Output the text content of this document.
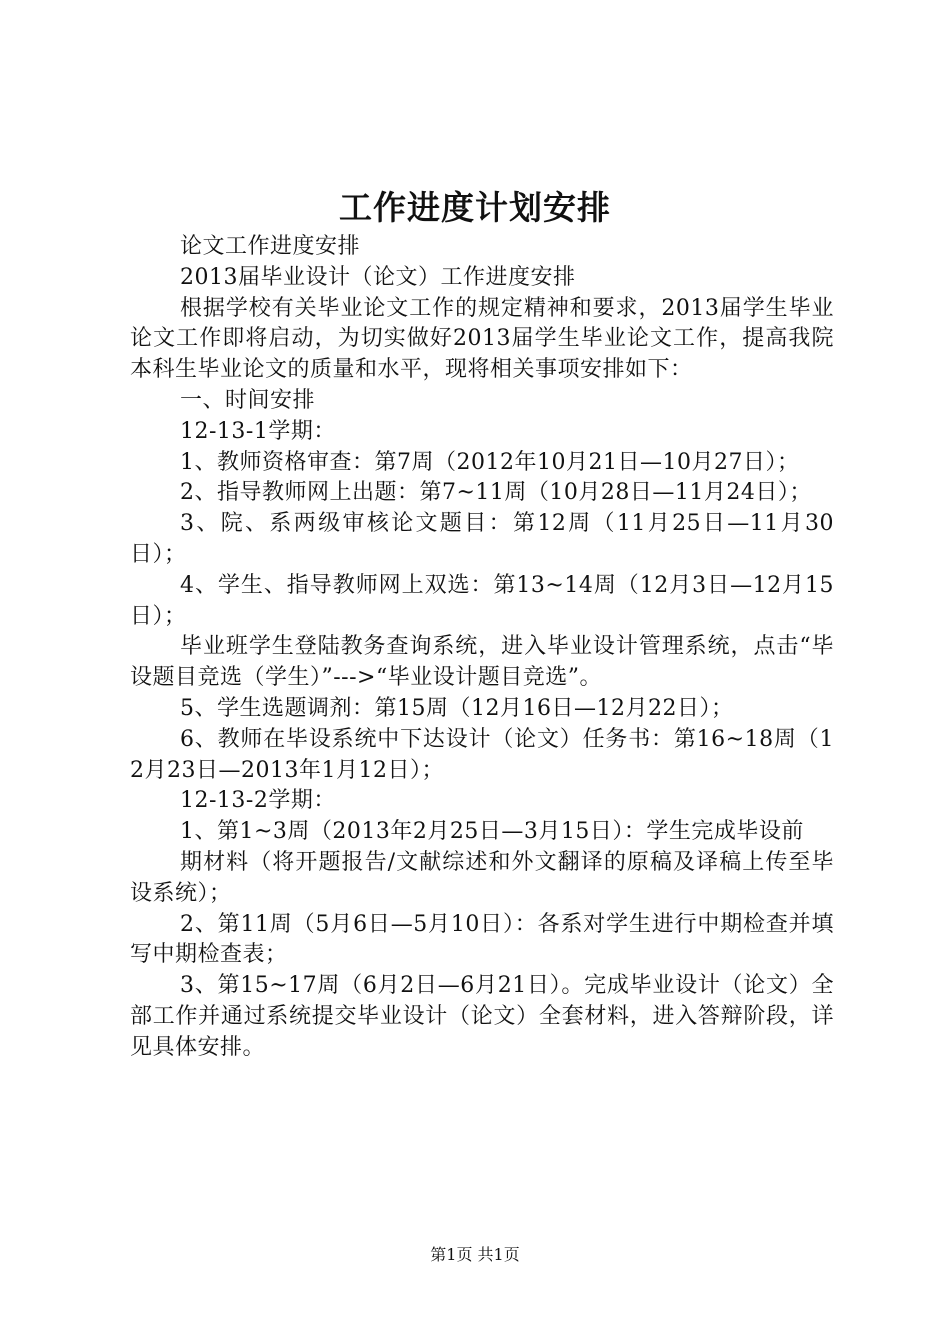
工作进度计划安排

论文工作进度安排

2013届毕业设计（论文）工作进度安排

根据学校有关毕业论文工作的规定精神和要求，2013届学生毕业论文工作即将启动，为切实做好2013届学生毕业论文工作，提高我院本科生毕业论文的质量和水平，现将相关事项安排如下：

一、时间安排

12-13-1学期：

1、教师资格审查：第7周（2012年10月21日—10月27日）；

2、指导教师网上出题：第7~11周（10月28日—11月24日）；

3、院、系两级审核论文题目：第12周（11月25日—11月30日）；

4、学生、指导教师网上双选：第13~14周（12月3日—12月15日）；

毕业班学生登陆教务查询系统，进入毕业设计管理系统，点击“毕设题目竞选（学生）”--->“毕业设计题目竞选”。

5、学生选题调剂：第15周（12月16日—12月22日）；

6、教师在毕设系统中下达设计（论文）任务书：第16~18周（12月23日—2013年1月12日）；

12-13-2学期：

1、第1~3周（2013年2月25日—3月15日）：学生完成毕设前

期材料（将开题报告/文献综述和外文翻译的原稿及译稿上传至毕设系统）；

2、第11周（5月6日—5月10日）：各系对学生进行中期检查并填写中期检查表；

3、第15~17周（6月2日—6月21日）。完成毕业设计（论文）全部工作并通过系统提交毕业设计（论文）全套材料，进入答辩阶段，详见具体安排。

第1页 共1页
